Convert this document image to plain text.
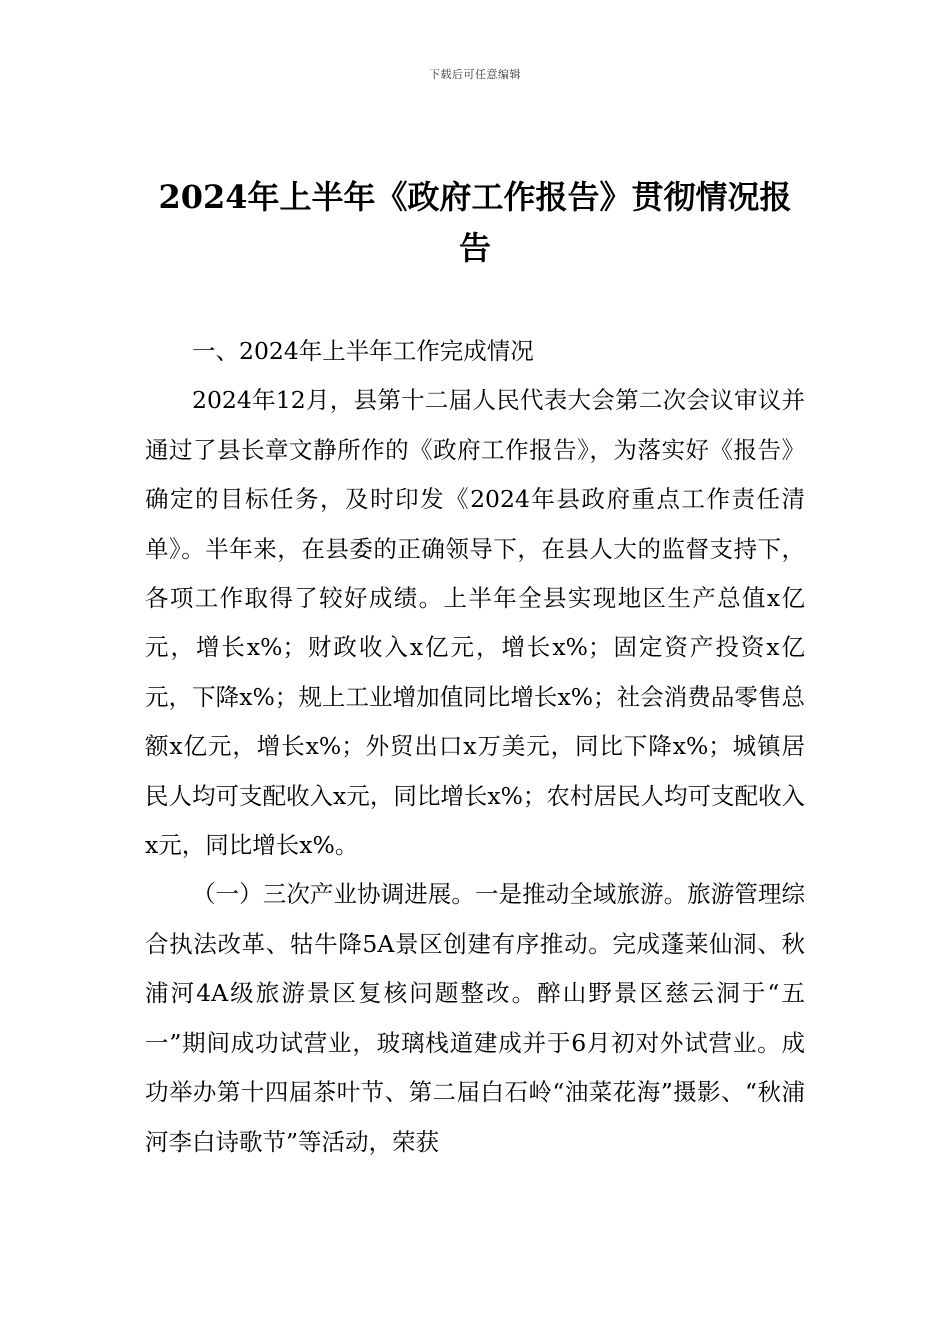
下载后可任意编辑
2024年上半年《政府工作报告》贯彻情况报告

一、2024年上半年工作完成情况

2024年12月，县第十二届人民代表大会第二次会议审议并通过了县长章文静所作的《政府工作报告》，为落实好《报告》确定的目标任务，及时印发《2024年县政府重点工作责任清单》。半年来，在县委的正确领导下，在县人大的监督支持下，各项工作取得了较好成绩。上半年全县实现地区生产总值x亿元，增长x%；财政收入x亿元，增长x%；固定资产投资x亿元，下降x%；规上工业增加值同比增长x%；社会消费品零售总额x亿元，增长x%；外贸出口x万美元，同比下降x%；城镇居民人均可支配收入x元，同比增长x%；农村居民人均可支配收入x元，同比增长x%。

（一）三次产业协调进展。一是推动全域旅游。旅游管理综合执法改革、牯牛降5A景区创建有序推动。完成蓬莱仙洞、秋浦河4A级旅游景区复核问题整改。醉山野景区慈云洞于“五一”期间成功试营业，玻璃栈道建成并于6月初对外试营业。成功举办第十四届茶叶节、第二届白石岭“油菜花海”摄影、“秋浦河李白诗歌节”等活动，荣获
